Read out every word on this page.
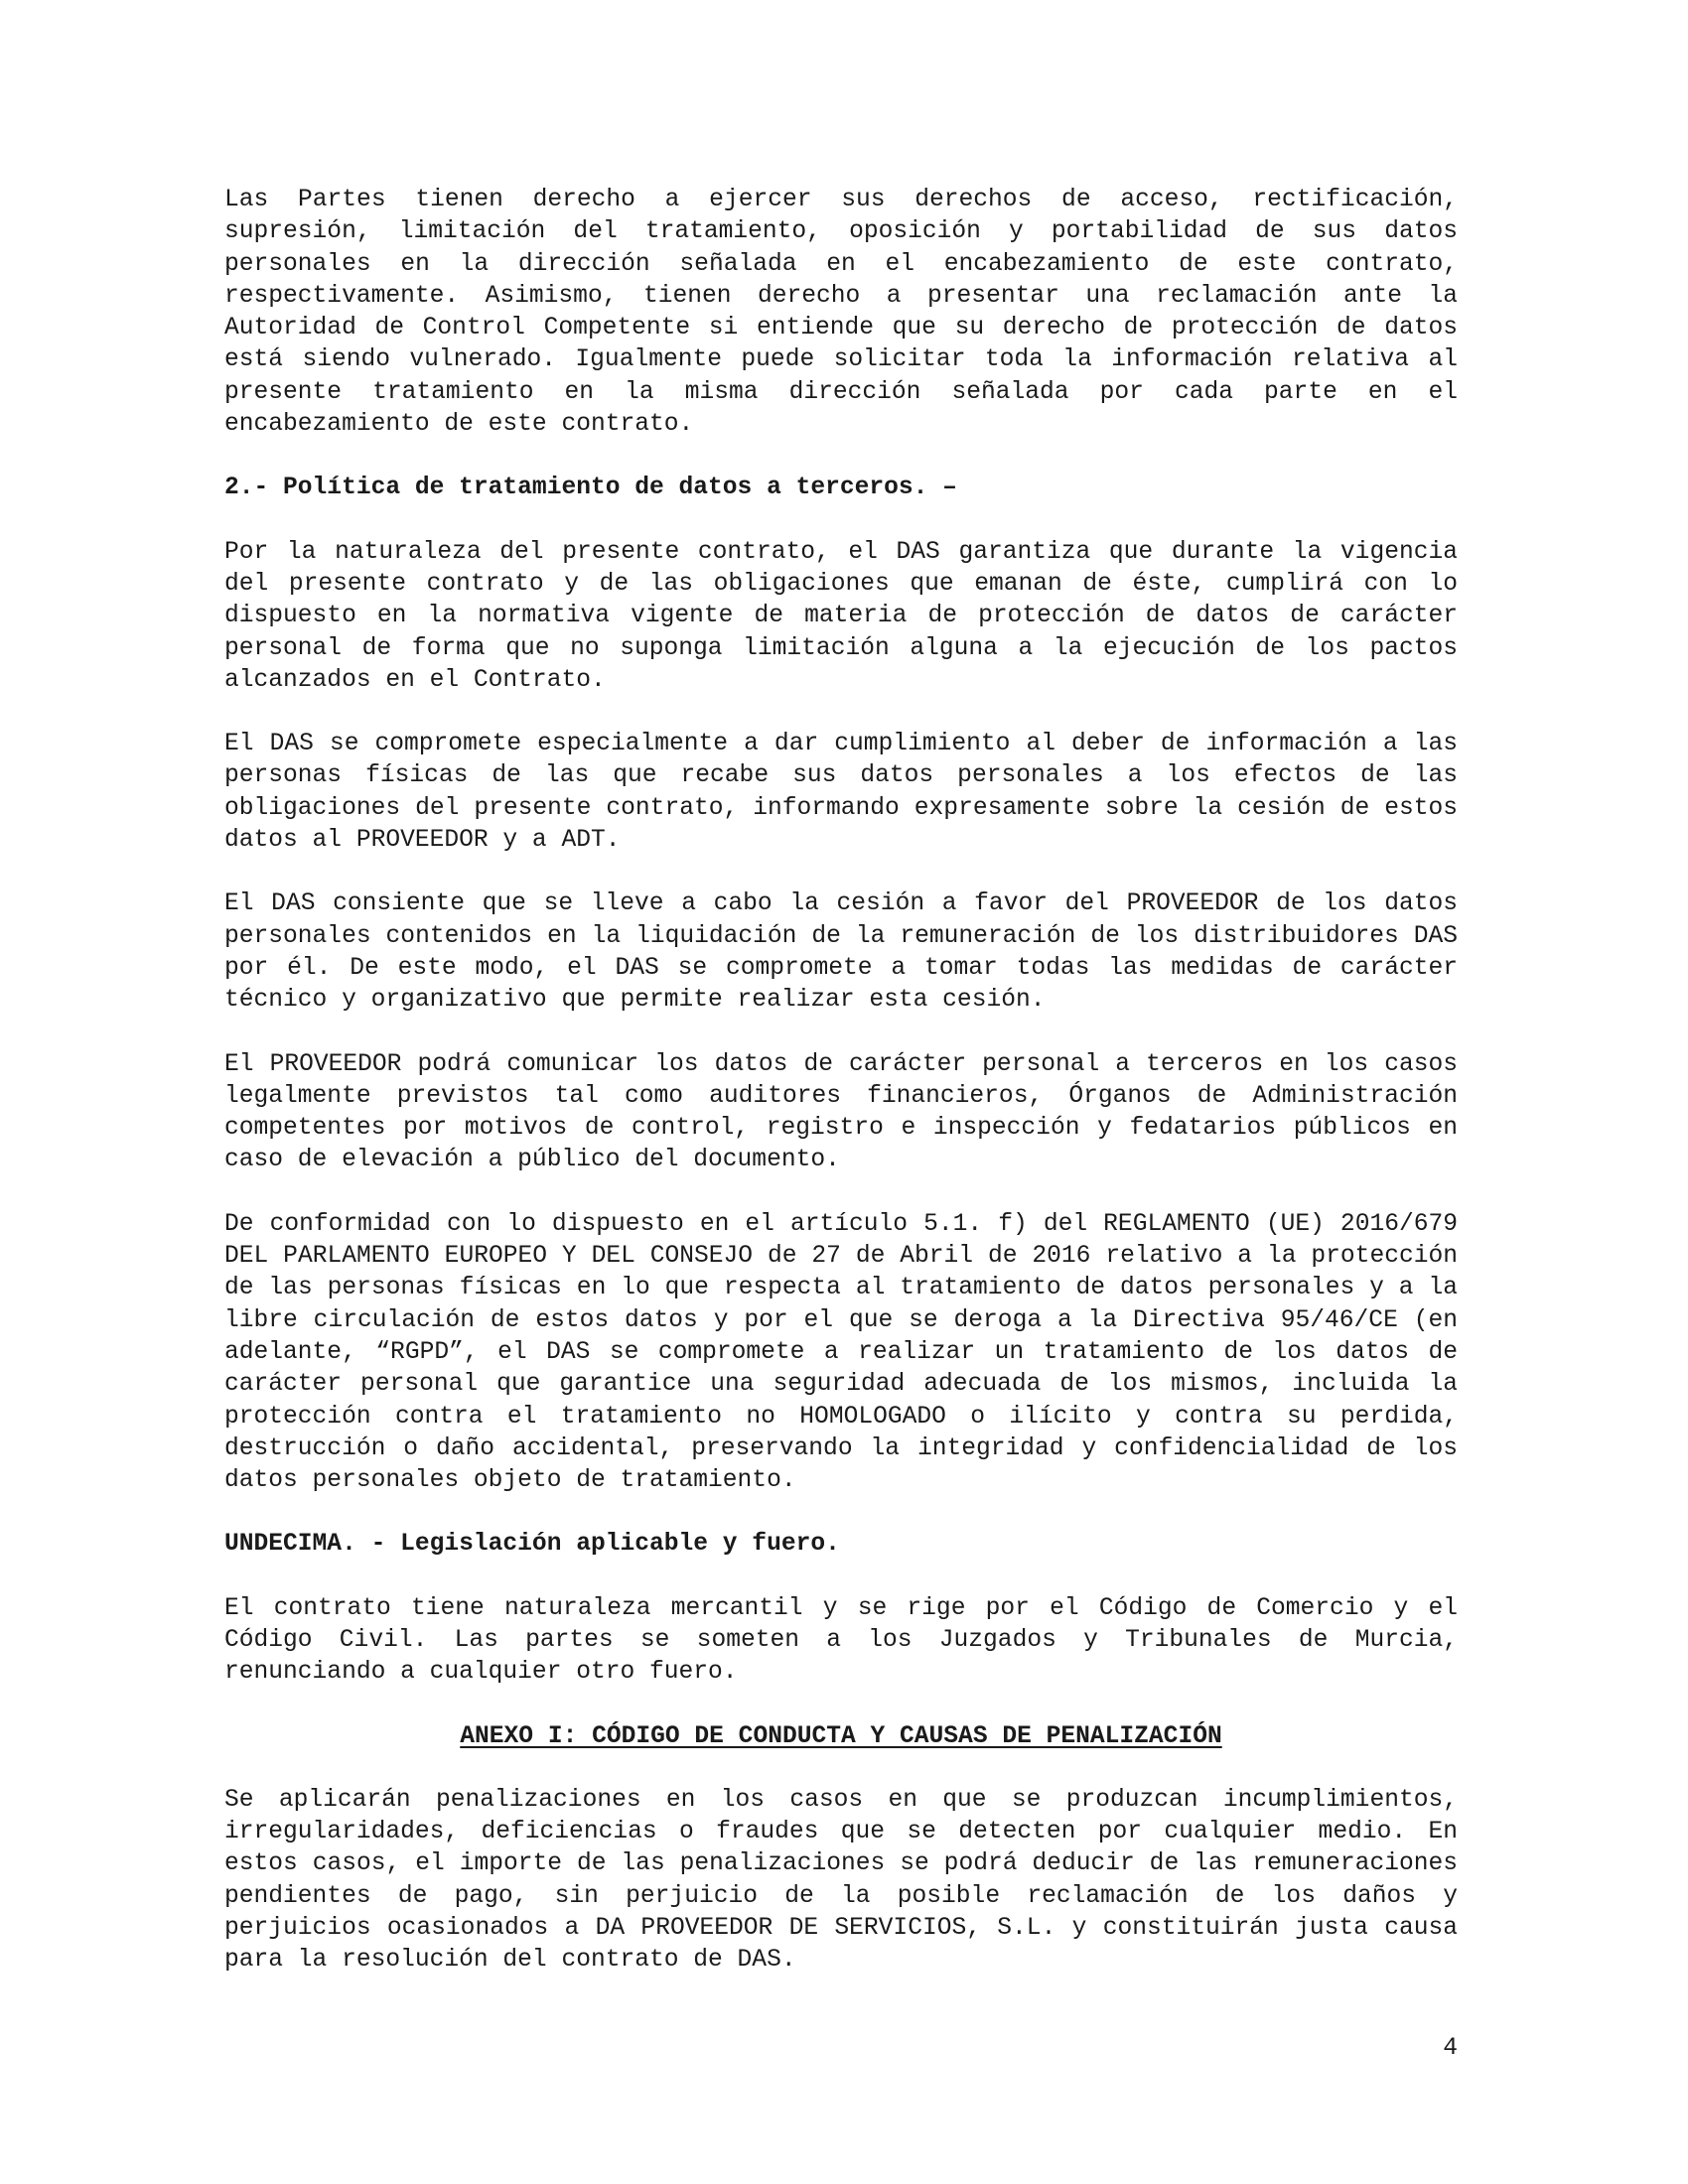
Las Partes tienen derecho a ejercer sus derechos de acceso, rectificación, supresión, limitación del tratamiento, oposición y portabilidad de sus datos personales en la dirección señalada en el encabezamiento de este contrato, respectivamente. Asimismo, tienen derecho a presentar una reclamación ante la Autoridad de Control Competente si entiende que su derecho de protección de datos está siendo vulnerado. Igualmente puede solicitar toda la información relativa al presente tratamiento en la misma dirección señalada por cada parte en el encabezamiento de este contrato.

2.- Política de tratamiento de datos a terceros. –

Por la naturaleza del presente contrato, el DAS garantiza que durante la vigencia del presente contrato y de las obligaciones que emanan de éste, cumplirá con lo dispuesto en la normativa vigente de materia de protección de datos de carácter personal de forma que no suponga limitación alguna a la ejecución de los pactos alcanzados en el Contrato.

El DAS se compromete especialmente a dar cumplimiento al deber de información a las personas físicas de las que recabe sus datos personales a los efectos de las obligaciones del presente contrato, informando expresamente sobre la cesión de estos datos al PROVEEDOR y a ADT.

El DAS consiente que se lleve a cabo la cesión a favor del PROVEEDOR de los datos personales contenidos en la liquidación de la remuneración de los distribuidores DAS por él. De este modo, el DAS se compromete a tomar todas las medidas de carácter técnico y organizativo que permite realizar esta cesión.

El PROVEEDOR podrá comunicar los datos de carácter personal a terceros en los casos legalmente previstos tal como auditores financieros, Órganos de Administración competentes por motivos de control, registro e inspección y fedatarios públicos en caso de elevación a público del documento.

De conformidad con lo dispuesto en el artículo 5.1. f) del REGLAMENTO (UE) 2016/679 DEL PARLAMENTO EUROPEO Y DEL CONSEJO de 27 de Abril de 2016 relativo a la protección de las personas físicas en lo que respecta al tratamiento de datos personales y a la libre circulación de estos datos y por el que se deroga a la Directiva 95/46/CE (en adelante, “RGPD”, el DAS se compromete a realizar un tratamiento de los datos de carácter personal que garantice una seguridad adecuada de los mismos, incluida la protección contra el tratamiento no HOMOLOGADO o ilícito y contra su perdida, destrucción o daño accidental, preservando la integridad y confidencialidad de los datos personales objeto de tratamiento.

UNDECIMA. - Legislación aplicable y fuero.

El contrato tiene naturaleza mercantil y se rige por el Código de Comercio y el Código Civil. Las partes se someten a los Juzgados y Tribunales de Murcia, renunciando a cualquier otro fuero.

ANEXO I: CÓDIGO DE CONDUCTA Y CAUSAS DE PENALIZACIÓN

Se aplicarán penalizaciones en los casos en que se produzcan incumplimientos, irregularidades, deficiencias o fraudes que se detecten por cualquier medio. En estos casos, el importe de las penalizaciones se podrá deducir de las remuneraciones pendientes de pago, sin perjuicio de la posible reclamación de los daños y perjuicios ocasionados a DA PROVEEDOR DE SERVICIOS, S.L. y constituirán justa causa para la resolución del contrato de DAS.

4
